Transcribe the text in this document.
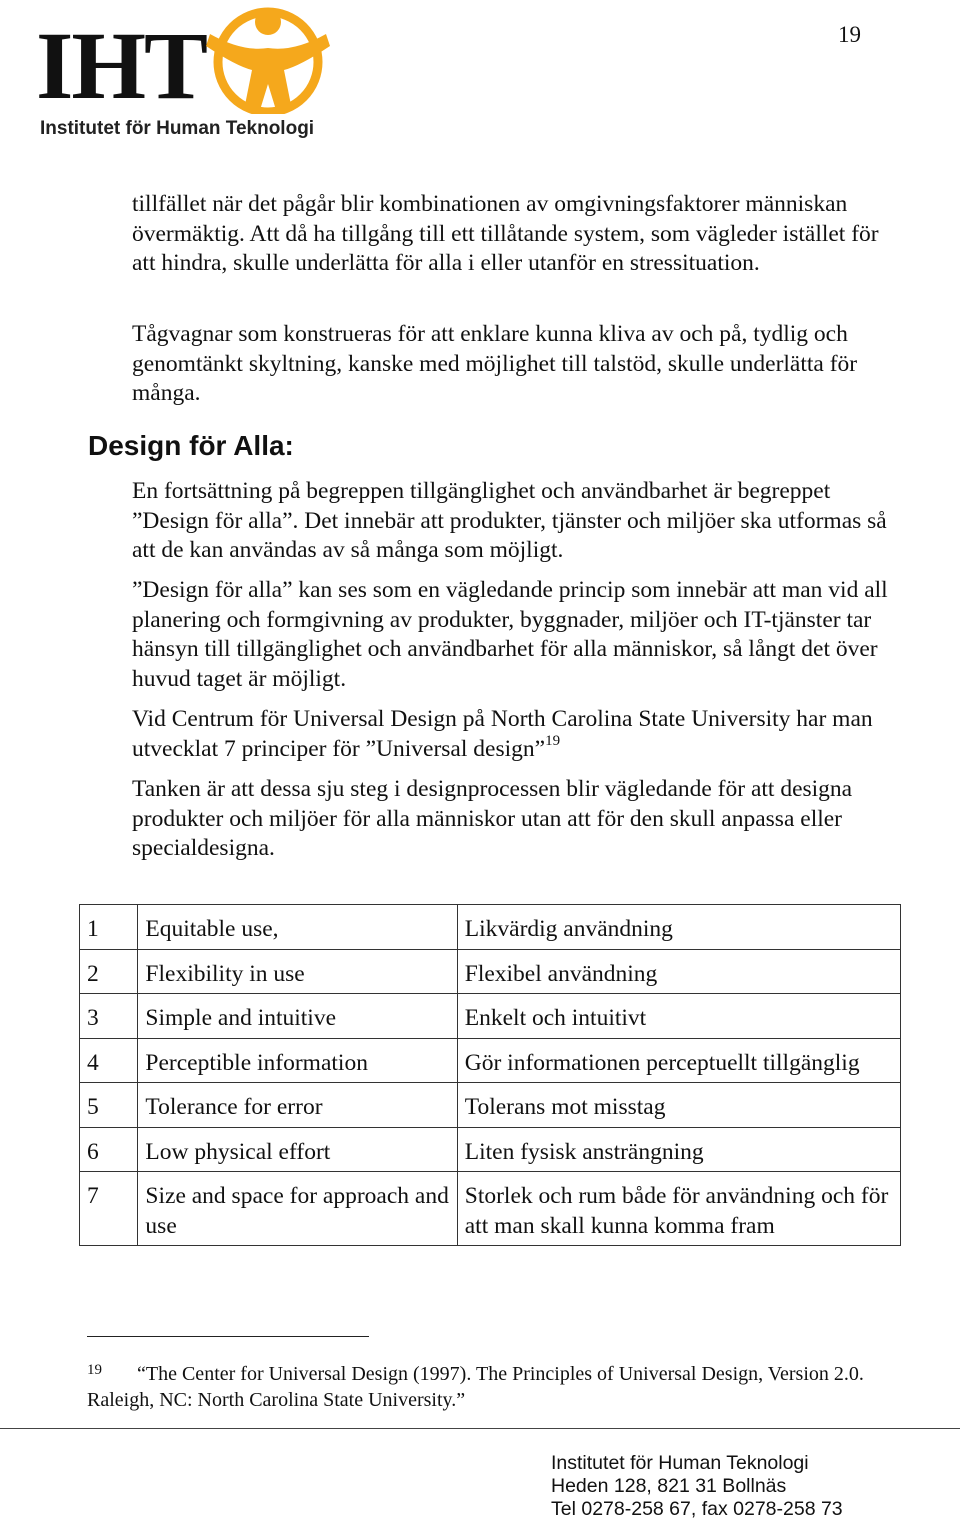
19
IHT
Institutet för Human Teknologi

tillfället när det pågår blir kombinationen av omgivningsfaktorer människan övermäktig. Att då ha tillgång till ett tillåtande system, som vägleder istället för att hindra, skulle underlätta för alla i eller utanför en stressituation.

Tågvagnar som konstrueras för att enklare kunna kliva av och på, tydlig och genomtänkt skyltning, kanske med möjlighet till talstöd, skulle underlätta för många.

Design för Alla:

En fortsättning på begreppen tillgänglighet och användbarhet är begreppet ”Design för alla”. Det innebär att produkter, tjänster och miljöer ska utformas så att de kan användas av så många som möjligt.

”Design för alla” kan ses som en vägledande princip som innebär att man vid all planering och formgivning av produkter, byggnader, miljöer och IT-tjänster tar hänsyn till tillgänglighet och användbarhet för alla människor, så långt det över huvud taget är möjligt.

Vid Centrum för Universal Design på North Carolina State University har man utvecklat 7 principer för ”Universal design”$^{19}$

Tanken är att dessa sju steg i designprocessen blir vägledande för att designa produkter och miljöer för alla människor utan att för den skull anpassa eller specialdesigna.

1	Equitable use,	Likvärdig användning
2	Flexibility in use	Flexibel användning
3	Simple and intuitive	Enkelt och intuitivt
4	Perceptible information	Gör informationen perceptuellt tillgänglig
5	Tolerance for error	Tolerans mot misstag
6	Low physical effort	Liten fysisk ansträngning
7	Size and space for approach and use	Storlek och rum både för användning och för att man skall kunna komma fram

19	“The Center for Universal Design (1997). The Principles of Universal Design, Version 2.0. Raleigh, NC: North Carolina State University.”

Institutet för Human Teknologi
Heden 128, 821 31 Bollnäs
Tel 0278-258 67, fax 0278-258 73
